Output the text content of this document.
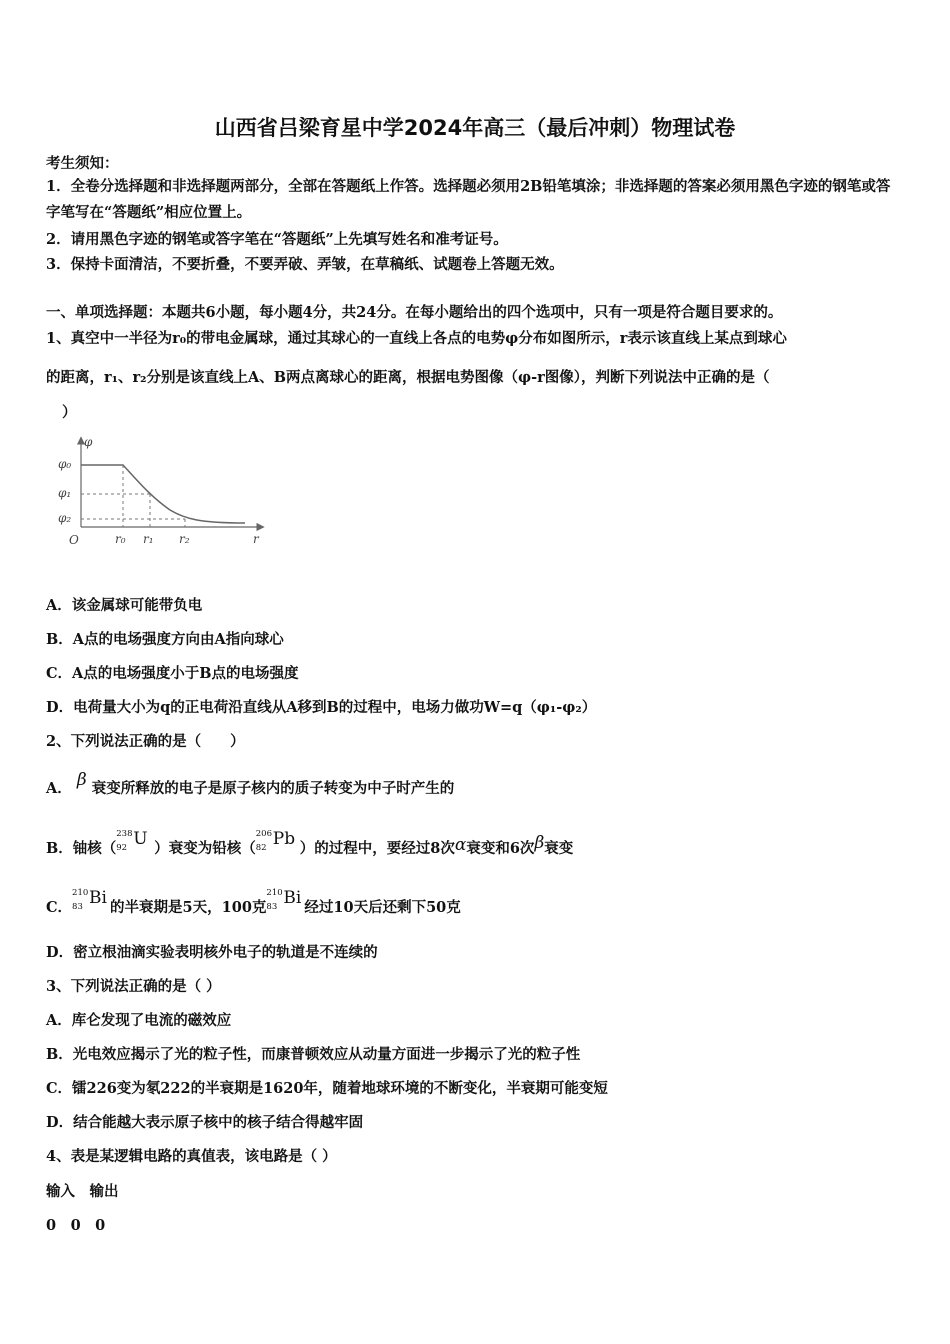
山西省吕梁育星中学2024年高三（最后冲刺）物理试卷
考生须知：
1．全卷分选择题和非选择题两部分，全部在答题纸上作答。选择题必须用2B铅笔填涂；非选择题的答案必须用黑色字迹的钢笔或答字笔写在“答题纸”相应位置上。
2．请用黑色字迹的钢笔或答字笔在“答题纸”上先填写姓名和准考证号。
3．保持卡面清洁，不要折叠，不要弄破、弄皱，在草稿纸、试题卷上答题无效。
一、单项选择题：本题共6小题，每小题4分，共24分。在每小题给出的四个选项中，只有一项是符合题目要求的。
1、真空中一半径为r₀的带电金属球，通过其球心的一直线上各点的电势φ分布如图所示，r表示该直线上某点到球心
的距离，r₁、r₂分别是该直线上A、B两点离球心的距离，根据电势图像（φ-r图像），判断下列说法中正确的是（
）
φ
φ₀
φ₁
φ₂
O	r₀ r₁ r₂	r
A．该金属球可能带负电
B．A点的电场强度方向由A指向球心
C．A点的电场强度小于B点的电场强度
D．电荷量大小为q的正电荷沿直线从A移到B的过程中，电场力做功W=q（φ₁-φ₂）
2、下列说法正确的是（　　）
A． β 衰变所释放的电子是原子核内的质子转变为中子时产生的
B．铀核（
238
92 U ）衰变为铅核（
206
82 Pb ）的过程中，要经过8次α衰变和6次β衰变
C．
210
83 Bi 的半衰期是5天，100克
210
83 Bi 经过10天后还剩下50克
D．密立根油滴实验表明核外电子的轨道是不连续的
3、下列说法正确的是（ ）
A．库仑发现了电流的磁效应
B．光电效应揭示了光的粒子性，而康普顿效应从动量方面进一步揭示了光的粒子性
C．镭226变为氡222的半衰期是1620年，随着地球环境的不断变化，半衰期可能变短
D．结合能越大表示原子核中的核子结合得越牢固
4、表是某逻辑电路的真值表，该电路是（ ）
输入　输出
0　0　0
